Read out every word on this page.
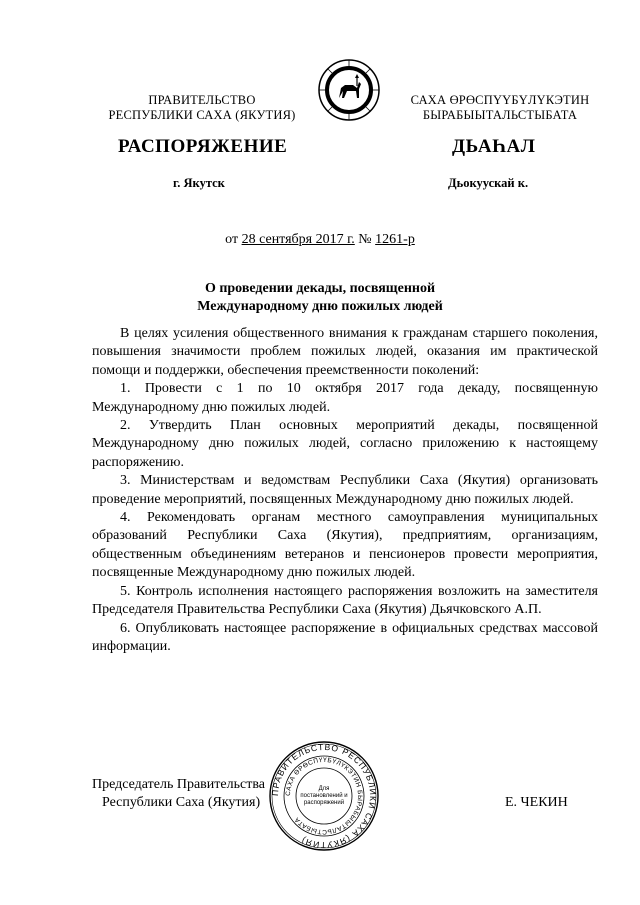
ПРАВИТЕЛЬСТВО
РЕСПУБЛИКИ САХА (ЯКУТИЯ)
САХА ӨРӨСПҮҮБҮЛҮКЭТИН
БЫРАБЫЫТАЛЬСТЫБАТА
РАСПОРЯЖЕНИЕ	ДЬАҺАЛ
г. Якутск	Дьокуускай к.
от 28 сентября 2017 г. № 1261-р
О проведении декады, посвященной
Международному дню пожилых людей

В целях усиления общественного внимания к гражданам старшего поколения, повышения значимости проблем пожилых людей, оказания им практической помощи и поддержки, обеспечения преемственности поколений:

1. Провести с 1 по 10 октября 2017 года декаду, посвященную Международному дню пожилых людей.

2. Утвердить План основных мероприятий декады, посвященной Международному дню пожилых людей, согласно приложению к настоящему распоряжению.

3. Министерствам и ведомствам Республики Саха (Якутия) организовать проведение мероприятий, посвященных Международному дню пожилых людей.

4. Рекомендовать органам местного самоуправления муниципальных образований Республики Саха (Якутия), предприятиям, организациям, общественным объединениям ветеранов и пенсионеров провести мероприятия, посвященные Международному дню пожилых людей.

5. Контроль исполнения настоящего распоряжения возложить на заместителя Председателя Правительства Республики Саха (Якутия) Дьячковского А.П.

6. Опубликовать настоящее распоряжение в официальных средствах массовой информации.

Председатель Правительства
Республики Саха (Якутия)
ПРАВИТЕЛЬСТВО РЕСПУБЛИКИ САХА (ЯКУТИЯ)
САХА ӨРӨСПҮҮБҮЛҮКЭТИН БЫРАБЫЫТАЛЬСТЫБАТА
Для
постановлений и
распоряжений	Е. ЧЕКИН
